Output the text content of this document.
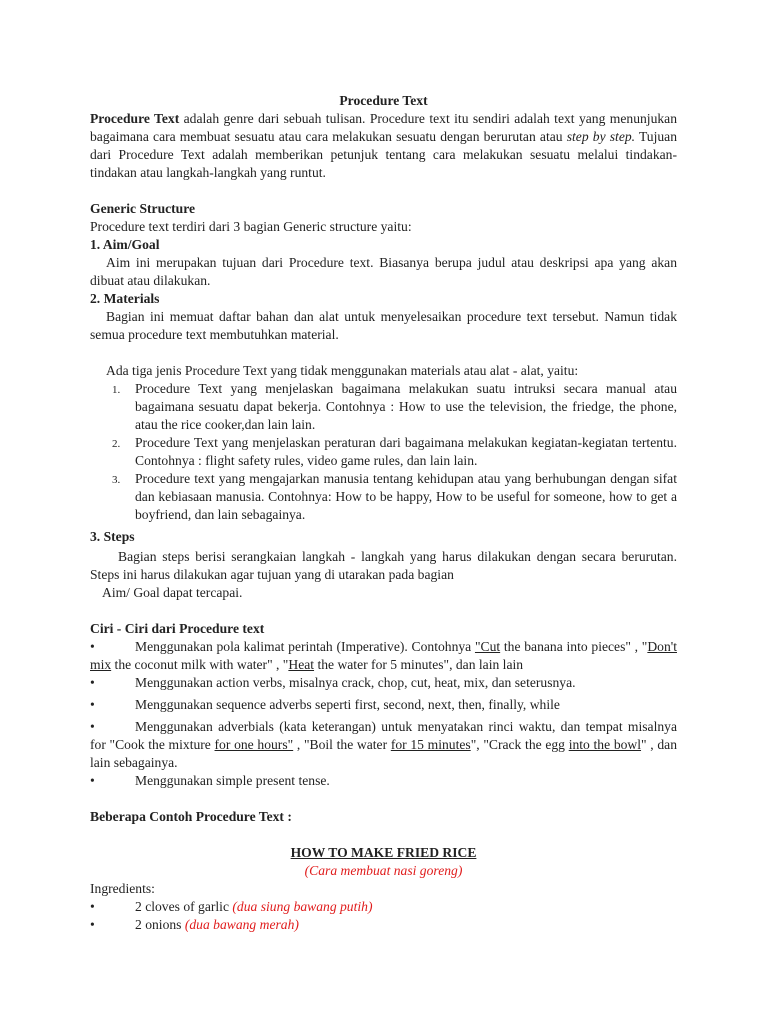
Procedure Text

Procedure Text adalah genre dari sebuah tulisan. Procedure text itu sendiri adalah text yang menunjukan bagaimana cara membuat sesuatu atau cara melakukan sesuatu dengan berurutan atau step by step. Tujuan dari Procedure Text adalah memberikan petunjuk tentang cara melakukan sesuatu melalui tindakan-tindakan atau langkah-langkah yang runtut.

Generic Structure

Procedure text terdiri dari 3 bagian Generic structure yaitu:

1. Aim/Goal

Aim ini merupakan tujuan dari Procedure text. Biasanya berupa judul atau deskripsi apa yang akan dibuat atau dilakukan.

2. Materials

Bagian ini memuat daftar bahan dan alat untuk menyelesaikan procedure text tersebut. Namun tidak semua procedure text membutuhkan material.

Ada tiga jenis Procedure Text yang tidak menggunakan materials atau alat - alat, yaitu:

1. Procedure Text yang menjelaskan bagaimana melakukan suatu intruksi secara manual atau bagaimana sesuatu dapat bekerja. Contohnya : How to use the television, the friedge, the phone, atau the rice cooker,dan lain lain.
2. Procedure Text yang menjelaskan peraturan dari bagaimana melakukan kegiatan-kegiatan tertentu. Contohnya : flight safety rules, video game rules, dan lain lain.
3. Procedure text yang mengajarkan manusia tentang kehidupan atau yang berhubungan dengan sifat dan kebiasaan manusia. Contohnya: How to be happy, How to be useful for someone, how to get a boyfriend, dan lain sebagainya.

3. Steps

Bagian steps berisi serangkaian langkah - langkah yang harus dilakukan dengan secara berurutan. Steps ini harus dilakukan agar tujuan yang di utarakan pada bagian

Aim/ Goal dapat tercapai.

Ciri - Ciri dari Procedure text

•	Menggunakan pola kalimat perintah (Imperative). Contohnya "Cut the banana into pieces" , "Don't mix the coconut milk with water" , "Heat the water for 5 minutes", dan lain lain

•	Menggunakan action verbs, misalnya crack, chop, cut, heat, mix, dan seterusnya.

•	Menggunakan sequence adverbs seperti first, second, next, then, finally, while

•	Menggunakan adverbials (kata keterangan) untuk menyatakan rinci waktu, dan tempat misalnya for "Cook the mixture for one hours" , "Boil the water for 15 minutes", "Crack the egg into the bowl" , dan lain sebagainya.

•	Menggunakan simple present tense.

Beberapa Contoh Procedure Text :

HOW TO MAKE FRIED RICE

(Cara membuat nasi goreng)

Ingredients:

•	2 cloves of garlic (dua siung bawang putih)

•	2 onions (dua bawang merah)
